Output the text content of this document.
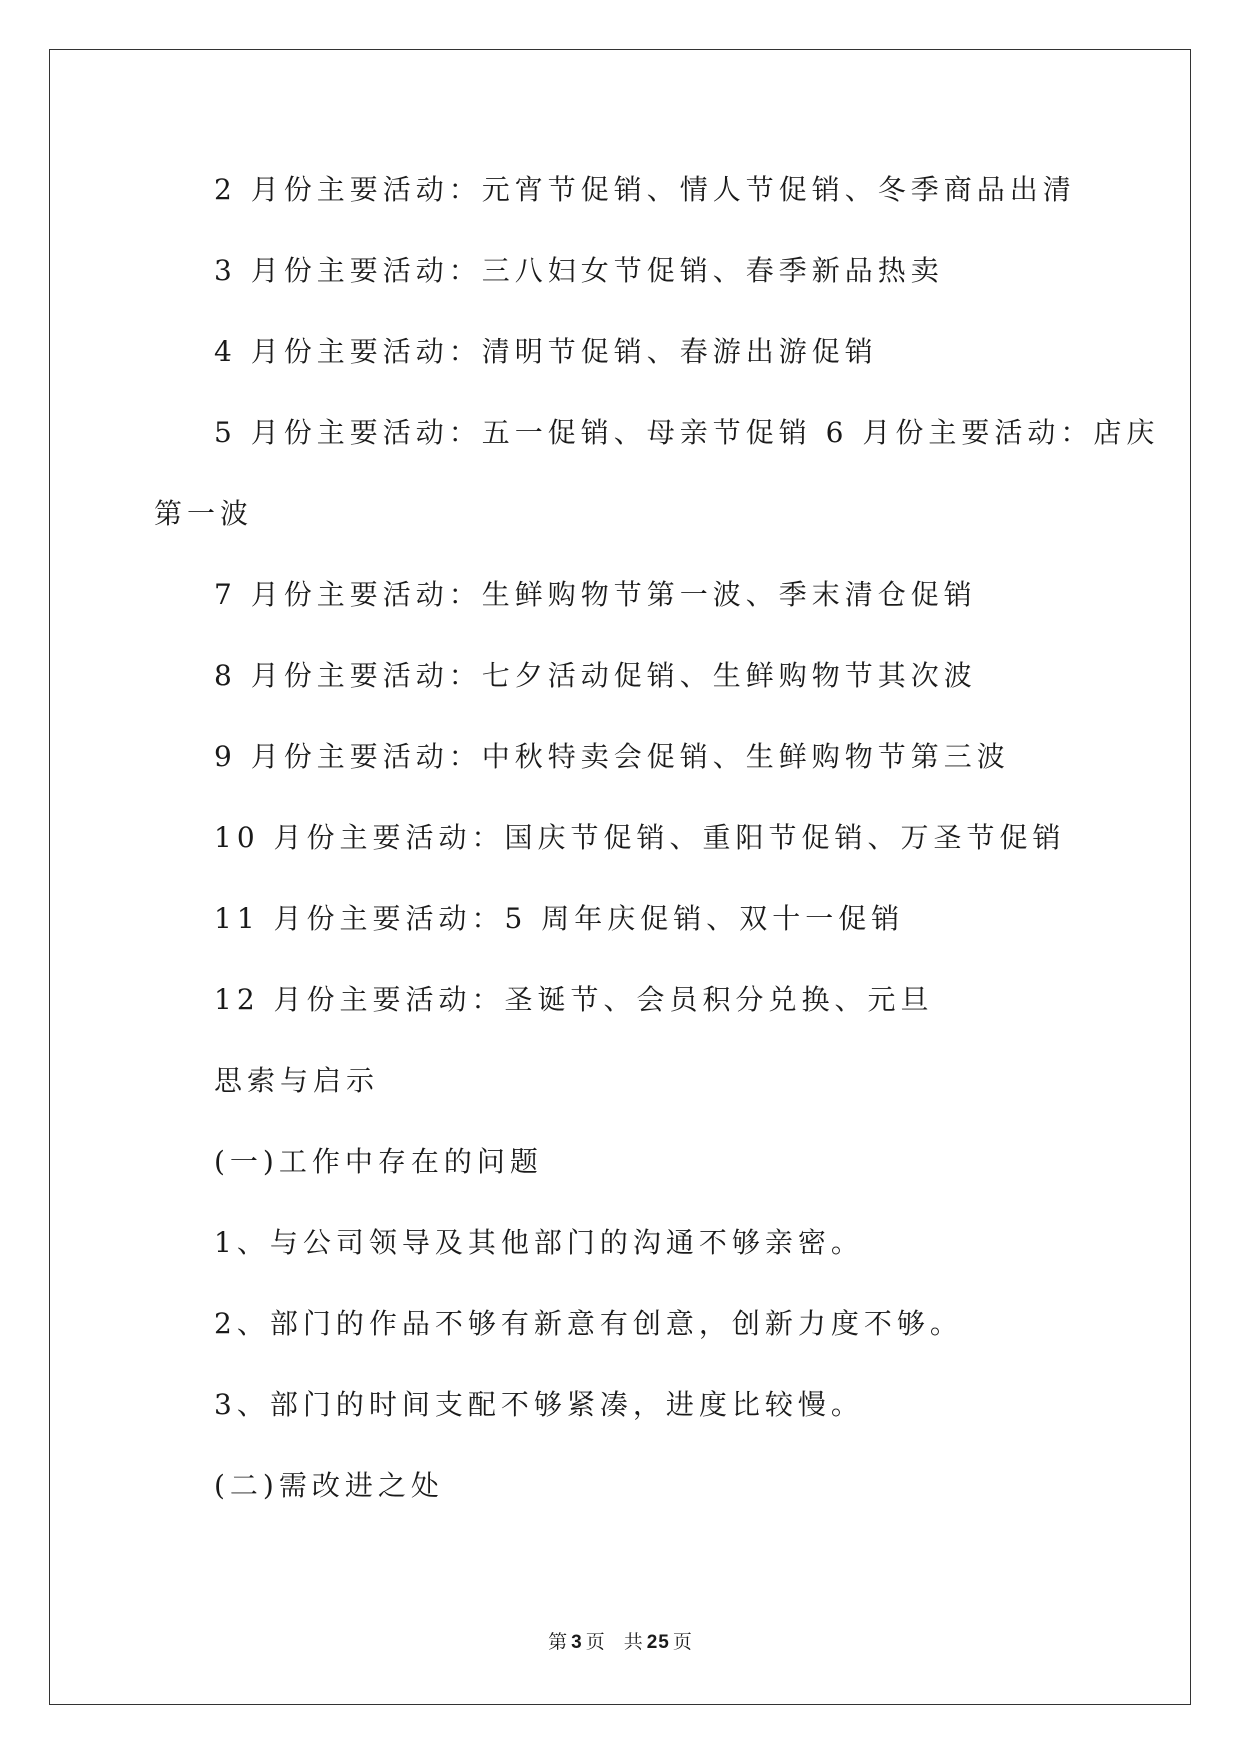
2 月份主要活动：元宵节促销、情人节促销、冬季商品出清
3 月份主要活动：三八妇女节促销、春季新品热卖
4 月份主要活动：清明节促销、春游出游促销
5 月份主要活动：五一促销、母亲节促销 6 月份主要活动：店庆
第一波
7 月份主要活动：生鲜购物节第一波、季末清仓促销
8 月份主要活动：七夕活动促销、生鲜购物节其次波
9 月份主要活动：中秋特卖会促销、生鲜购物节第三波
10 月份主要活动：国庆节促销、重阳节促销、万圣节促销
11 月份主要活动：5 周年庆促销、双十一促销
12 月份主要活动：圣诞节、会员积分兑换、元旦
思索与启示
(一)工作中存在的问题
1、与公司领导及其他部门的沟通不够亲密。
2、部门的作品不够有新意有创意，创新力度不够。
3、部门的时间支配不够紧凑，进度比较慢。
(二)需改进之处
第 3 页 共 25 页
